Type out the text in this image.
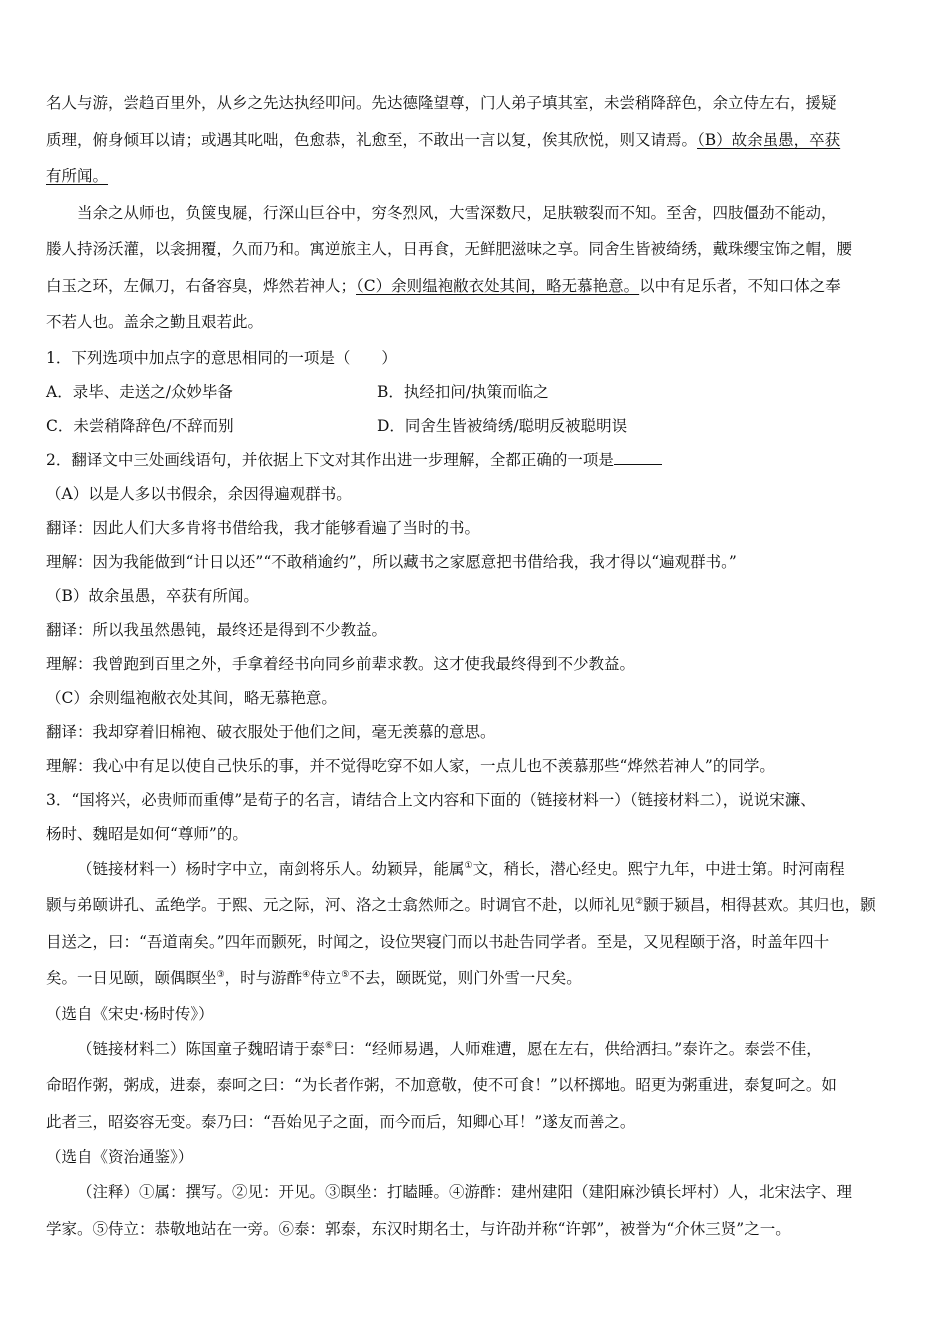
名人与游，尝趋百里外，从乡之先达执经叩问。先达德隆望尊，门人弟子填其室，未尝稍降辞色，余立侍左右，援疑

质理，俯身倾耳以请；或遇其叱咄，色愈恭，礼愈至，不敢出一言以复，俟其欣悦，则又请焉。（B）故余虽愚，卒获

有所闻。

当余之从师也，负箧曳屣，行深山巨谷中，穷冬烈风，大雪深数尺，足肤皲裂而不知。至舍，四肢僵劲不能动，

媵人持汤沃灌，以衾拥覆，久而乃和。寓逆旅主人，日再食，无鲜肥滋味之享。同舍生皆被绮绣，戴珠缨宝饰之帽，腰

白玉之环，左佩刀，右备容臭，烨然若神人；（C）余则缊袍敝衣处其间，略无慕艳意。以中有足乐者，不知口体之奉

不若人也。盖余之勤且艰若此。

1．下列选项中加点字的意思相同的一项是（　　）

A．录毕、走送之/众妙毕备	B．执经扣问/执策而临之
C．未尝稍降辞色/不辞而别	D．同舍生皆被绮绣/聪明反被聪明误

2．翻译文中三处画线语句，并依据上下文对其作出进一步理解，全都正确的一项是

（A）以是人多以书假余，余因得遍观群书。

翻译：因此人们大多肯将书借给我，我才能够看遍了当时的书。

理解：因为我能做到“计日以还”“不敢稍逾约”，所以藏书之家愿意把书借给我，我才得以“遍观群书。”

（B）故余虽愚，卒获有所闻。

翻译：所以我虽然愚钝，最终还是得到不少教益。

理解：我曾跑到百里之外，手拿着经书向同乡前辈求教。这才使我最终得到不少教益。

（C）余则缊袍敝衣处其间，略无慕艳意。

翻译：我却穿着旧棉袍、破衣服处于他们之间，毫无羡慕的意思。

理解：我心中有足以使自己快乐的事，并不觉得吃穿不如人家，一点儿也不羡慕那些“烨然若神人”的同学。

3．“国将兴，必贵师而重傅”是荀子的名言，请结合上文内容和下面的（链接材料一）（链接材料二），说说宋濂、

杨时、魏昭是如何“尊师”的。

（链接材料一）杨时字中立，南剑将乐人。幼颖异，能属①文，稍长，潜心经史。熙宁九年，中进士第。时河南程

颢与弟颐讲孔、孟绝学。于熙、元之际，河、洛之士翕然师之。时调官不赴，以师礼见②颢于颍昌，相得甚欢。其归也，颢

目送之，曰：“吾道南矣。”四年而颢死，时闻之，设位哭寝门而以书赴告同学者。至是，又见程颐于洛，时盖年四十

矣。一日见颐，颐偶瞑坐③，时与游酢④侍立⑤不去，颐既觉，则门外雪一尺矣。

（选自《宋史·杨时传》）

（链接材料二）陈国童子魏昭请于泰⑥曰：“经师易遇，人师难遭，愿在左右，供给洒扫。”泰许之。泰尝不佳，

命昭作粥，粥成，进泰，泰呵之曰：“为长者作粥，不加意敬，使不可食！”以杯掷地。昭更为粥重进，泰复呵之。如

此者三，昭姿容无变。泰乃曰：“吾始见子之面，而今而后，知卿心耳！”遂友而善之。

（选自《资治通鉴》）

（注释）①属：撰写。②见：开见。③瞑坐：打瞌睡。④游酢：建州建阳（建阳麻沙镇长坪村）人，北宋法字、理

学家。⑤侍立：恭敬地站在一旁。⑥泰：郭泰，东汉时期名士，与许劭并称“许郭”，被誉为“介休三贤”之一。
